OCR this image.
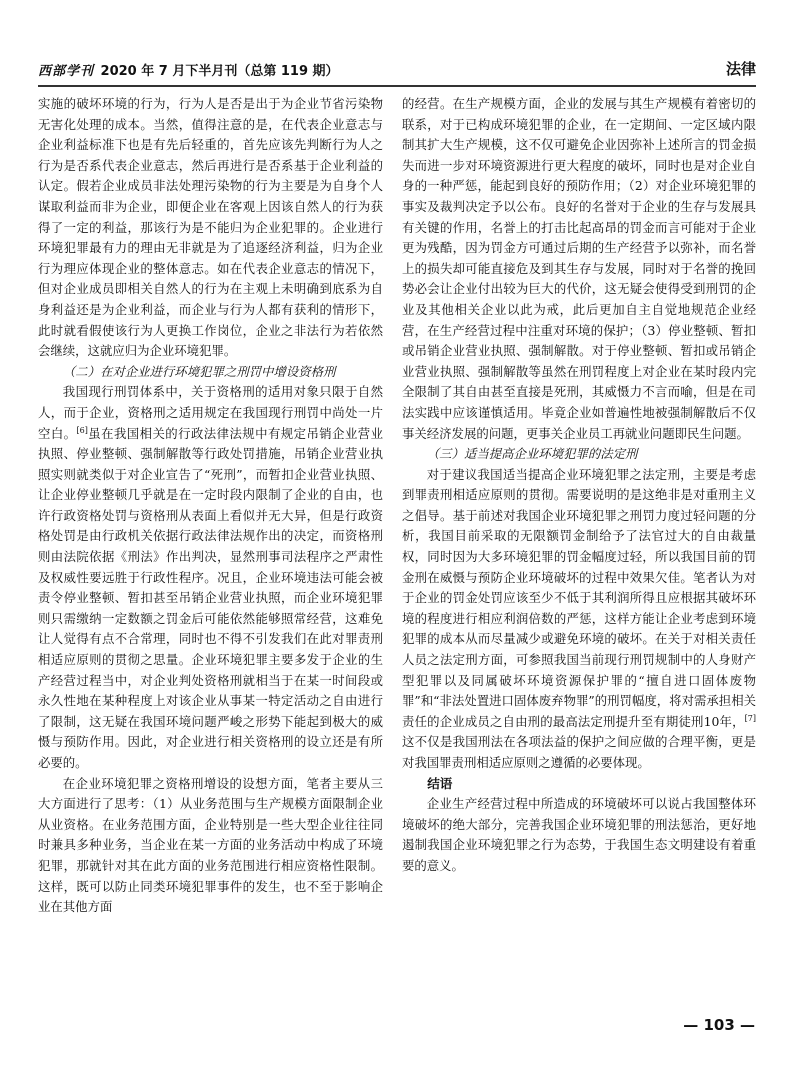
西部学刊 2020 年 7 月下半月刊（总第 119 期）	法律

实施的破坏环境的行为，行为人是否是出于为企业节省污染物无害化处理的成本。当然，值得注意的是，在代表企业意志与企业利益标准下也是有先后轻重的，首先应该先判断行为人之行为是否系代表企业意志，然后再进行是否系基于企业利益的认定。假若企业成员非法处理污染物的行为主要是为自身个人谋取利益而非为企业，即便企业在客观上因该自然人的行为获得了一定的利益，那该行为是不能归为企业犯罪的。企业进行环境犯罪最有力的理由无非就是为了追逐经济利益，归为企业行为理应体现企业的整体意志。如在代表企业意志的情况下，但对企业成员即相关自然人的行为在主观上未明确到底系为自身利益还是为企业利益，而企业与行为人都有获利的情形下，此时就看假使该行为人更换工作岗位，企业之非法行为若依然会继续，这就应归为企业环境犯罪。

（二）在对企业进行环境犯罪之刑罚中增设资格刑

我国现行刑罚体系中，关于资格刑的适用对象只限于自然人，而于企业，资格刑之适用规定在我国现行刑罚中尚处一片空白。[6]虽在我国相关的行政法律法规中有规定吊销企业营业执照、停业整顿、强制解散等行政处罚措施，吊销企业营业执照实则就类似于对企业宣告了“死刑”，而暂扣企业营业执照、让企业停业整顿几乎就是在一定时段内限制了企业的自由，也许行政资格处罚与资格刑从表面上看似并无大异，但是行政资格处罚是由行政机关依据行政法律法规作出的决定，而资格刑则由法院依据《刑法》作出判决，显然刑事司法程序之严肃性及权威性要远胜于行政性程序。况且，企业环境违法可能会被责令停业整顿、暂扣甚至吊销企业营业执照，而企业环境犯罪则只需缴纳一定数额之罚金后可能依然能够照常经营，这难免让人觉得有点不合常理，同时也不得不引发我们在此对罪责刑相适应原则的贯彻之思量。企业环境犯罪主要多发于企业的生产经营过程当中，对企业判处资格刑就相当于在某一时间段或永久性地在某种程度上对该企业从事某一特定活动之自由进行了限制，这无疑在我国环境问题严峻之形势下能起到极大的威慑与预防作用。因此，对企业进行相关资格刑的设立还是有所必要的。

在企业环境犯罪之资格刑增设的设想方面，笔者主要从三大方面进行了思考：（1）从业务范围与生产规模方面限制企业从业资格。在业务范围方面，企业特别是一些大型企业往往同时兼具多种业务，当企业在某一方面的业务活动中构成了环境犯罪，那就针对其在此方面的业务范围进行相应资格性限制。这样，既可以防止同类环境犯罪事件的发生，也不至于影响企业在其他方面

的经营。在生产规模方面，企业的发展与其生产规模有着密切的联系，对于已构成环境犯罪的企业，在一定期间、一定区域内限制其扩大生产规模，这不仅可避免企业因弥补上述所言的罚金损失而进一步对环境资源进行更大程度的破坏，同时也是对企业自身的一种严惩，能起到良好的预防作用；（2）对企业环境犯罪的事实及裁判决定予以公布。良好的名誉对于企业的生存与发展具有关键的作用，名誉上的打击比起高昂的罚金而言可能对于企业更为残酷，因为罚金方可通过后期的生产经营予以弥补，而名誉上的损失却可能直接危及到其生存与发展，同时对于名誉的挽回势必会让企业付出较为巨大的代价，这无疑会使得受到刑罚的企业及其他相关企业以此为戒，此后更加自主自觉地规范企业经营，在生产经营过程中注重对环境的保护；（3）停业整顿、暂扣或吊销企业营业执照、强制解散。对于停业整顿、暂扣或吊销企业营业执照、强制解散等虽然在刑罚程度上对企业在某时段内完全限制了其自由甚至直接是死刑，其威慑力不言而喻，但是在司法实践中应该谨慎适用。毕竟企业如普遍性地被强制解散后不仅事关经济发展的问题，更事关企业员工再就业问题即民生问题。

（三）适当提高企业环境犯罪的法定刑

对于建议我国适当提高企业环境犯罪之法定刑，主要是考虑到罪责刑相适应原则的贯彻。需要说明的是这绝非是对重刑主义之倡导。基于前述对我国企业环境犯罪之刑罚力度过轻问题的分析，我国目前采取的无限额罚金制给予了法官过大的自由裁量权，同时因为大多环境犯罪的罚金幅度过轻，所以我国目前的罚金刑在威慑与预防企业环境破坏的过程中效果欠佳。笔者认为对于企业的罚金处罚应该至少不低于其利润所得且应根据其破坏环境的程度进行相应利润倍数的严惩，这样方能让企业考虑到环境犯罪的成本从而尽量减少或避免环境的破坏。在关于对相关责任人员之法定刑方面，可参照我国当前现行刑罚规制中的人身财产型犯罪以及同属破坏环境资源保护罪的“擅自进口固体废物罪”和“非法处置进口固体废弃物罪”的刑罚幅度，将对需承担相关责任的企业成员之自由刑的最高法定刑提升至有期徒刑10年，[7]这不仅是我国刑法在各项法益的保护之间应做的合理平衡，更是对我国罪责刑相适应原则之遵循的必要体现。

结语

企业生产经营过程中所造成的环境破坏可以说占我国整体环境破坏的绝大部分，完善我国企业环境犯罪的刑法惩治，更好地遏制我国企业环境犯罪之行为态势，于我国生态文明建设有着重要的意义。

— 103 —
